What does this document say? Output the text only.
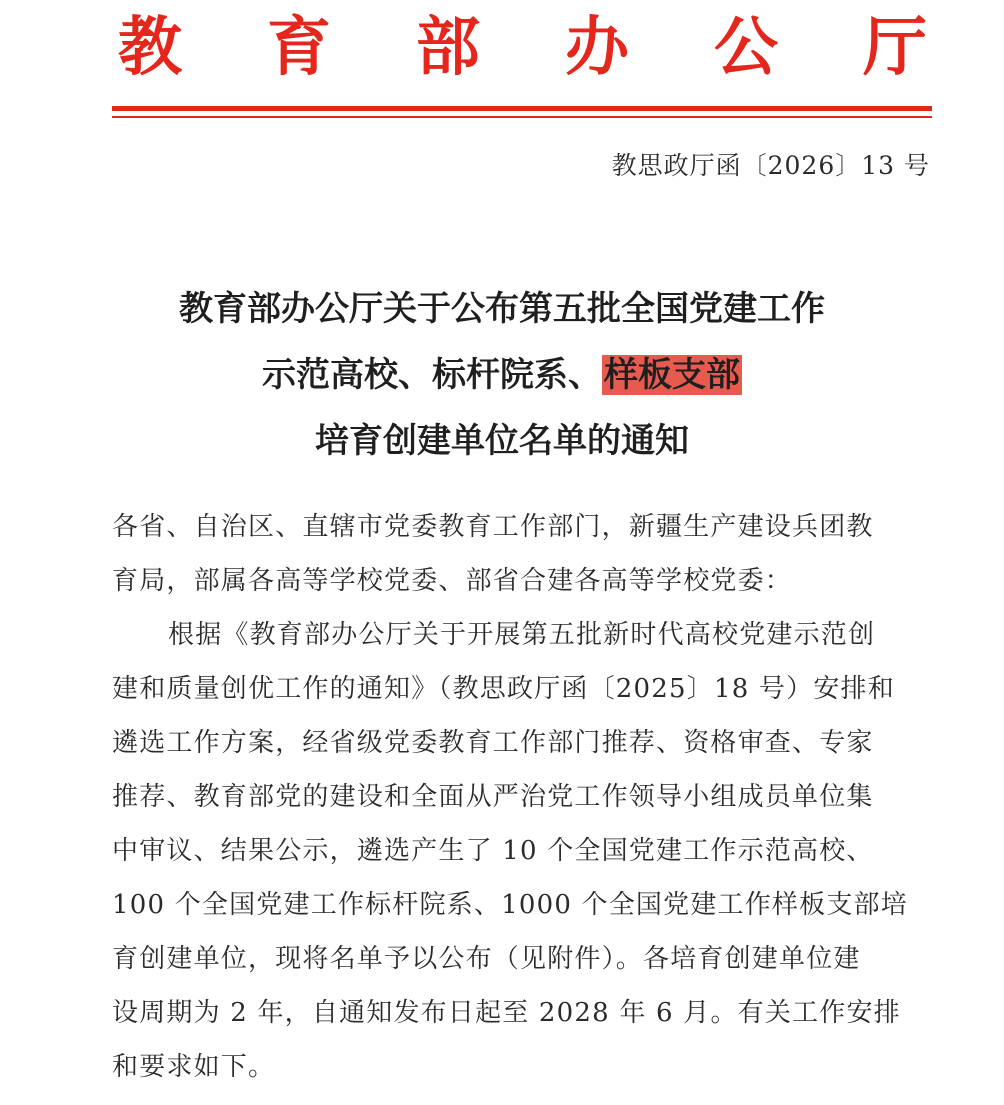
教 育 部 办 公 厅
教思政厅函〔2026〕13 号
教育部办公厅关于公布第五批全国党建工作
示范高校、标杆院系、样板支部
培育创建单位名单的通知
各省、自治区、直辖市党委教育工作部门，新疆生产建设兵团教
育局，部属各高等学校党委、部省合建各高等学校党委：
根据《教育部办公厅关于开展第五批新时代高校党建示范创
建和质量创优工作的通知》（教思政厅函〔2025〕18 号）安排和
遴选工作方案，经省级党委教育工作部门推荐、资格审查、专家
推荐、教育部党的建设和全面从严治党工作领导小组成员单位集
中审议、结果公示，遴选产生了 10 个全国党建工作示范高校、
100 个全国党建工作标杆院系、1000 个全国党建工作样板支部培
育创建单位，现将名单予以公布（见附件）。各培育创建单位建
设周期为 2 年，自通知发布日起至 2028 年 6 月。有关工作安排
和要求如下。
